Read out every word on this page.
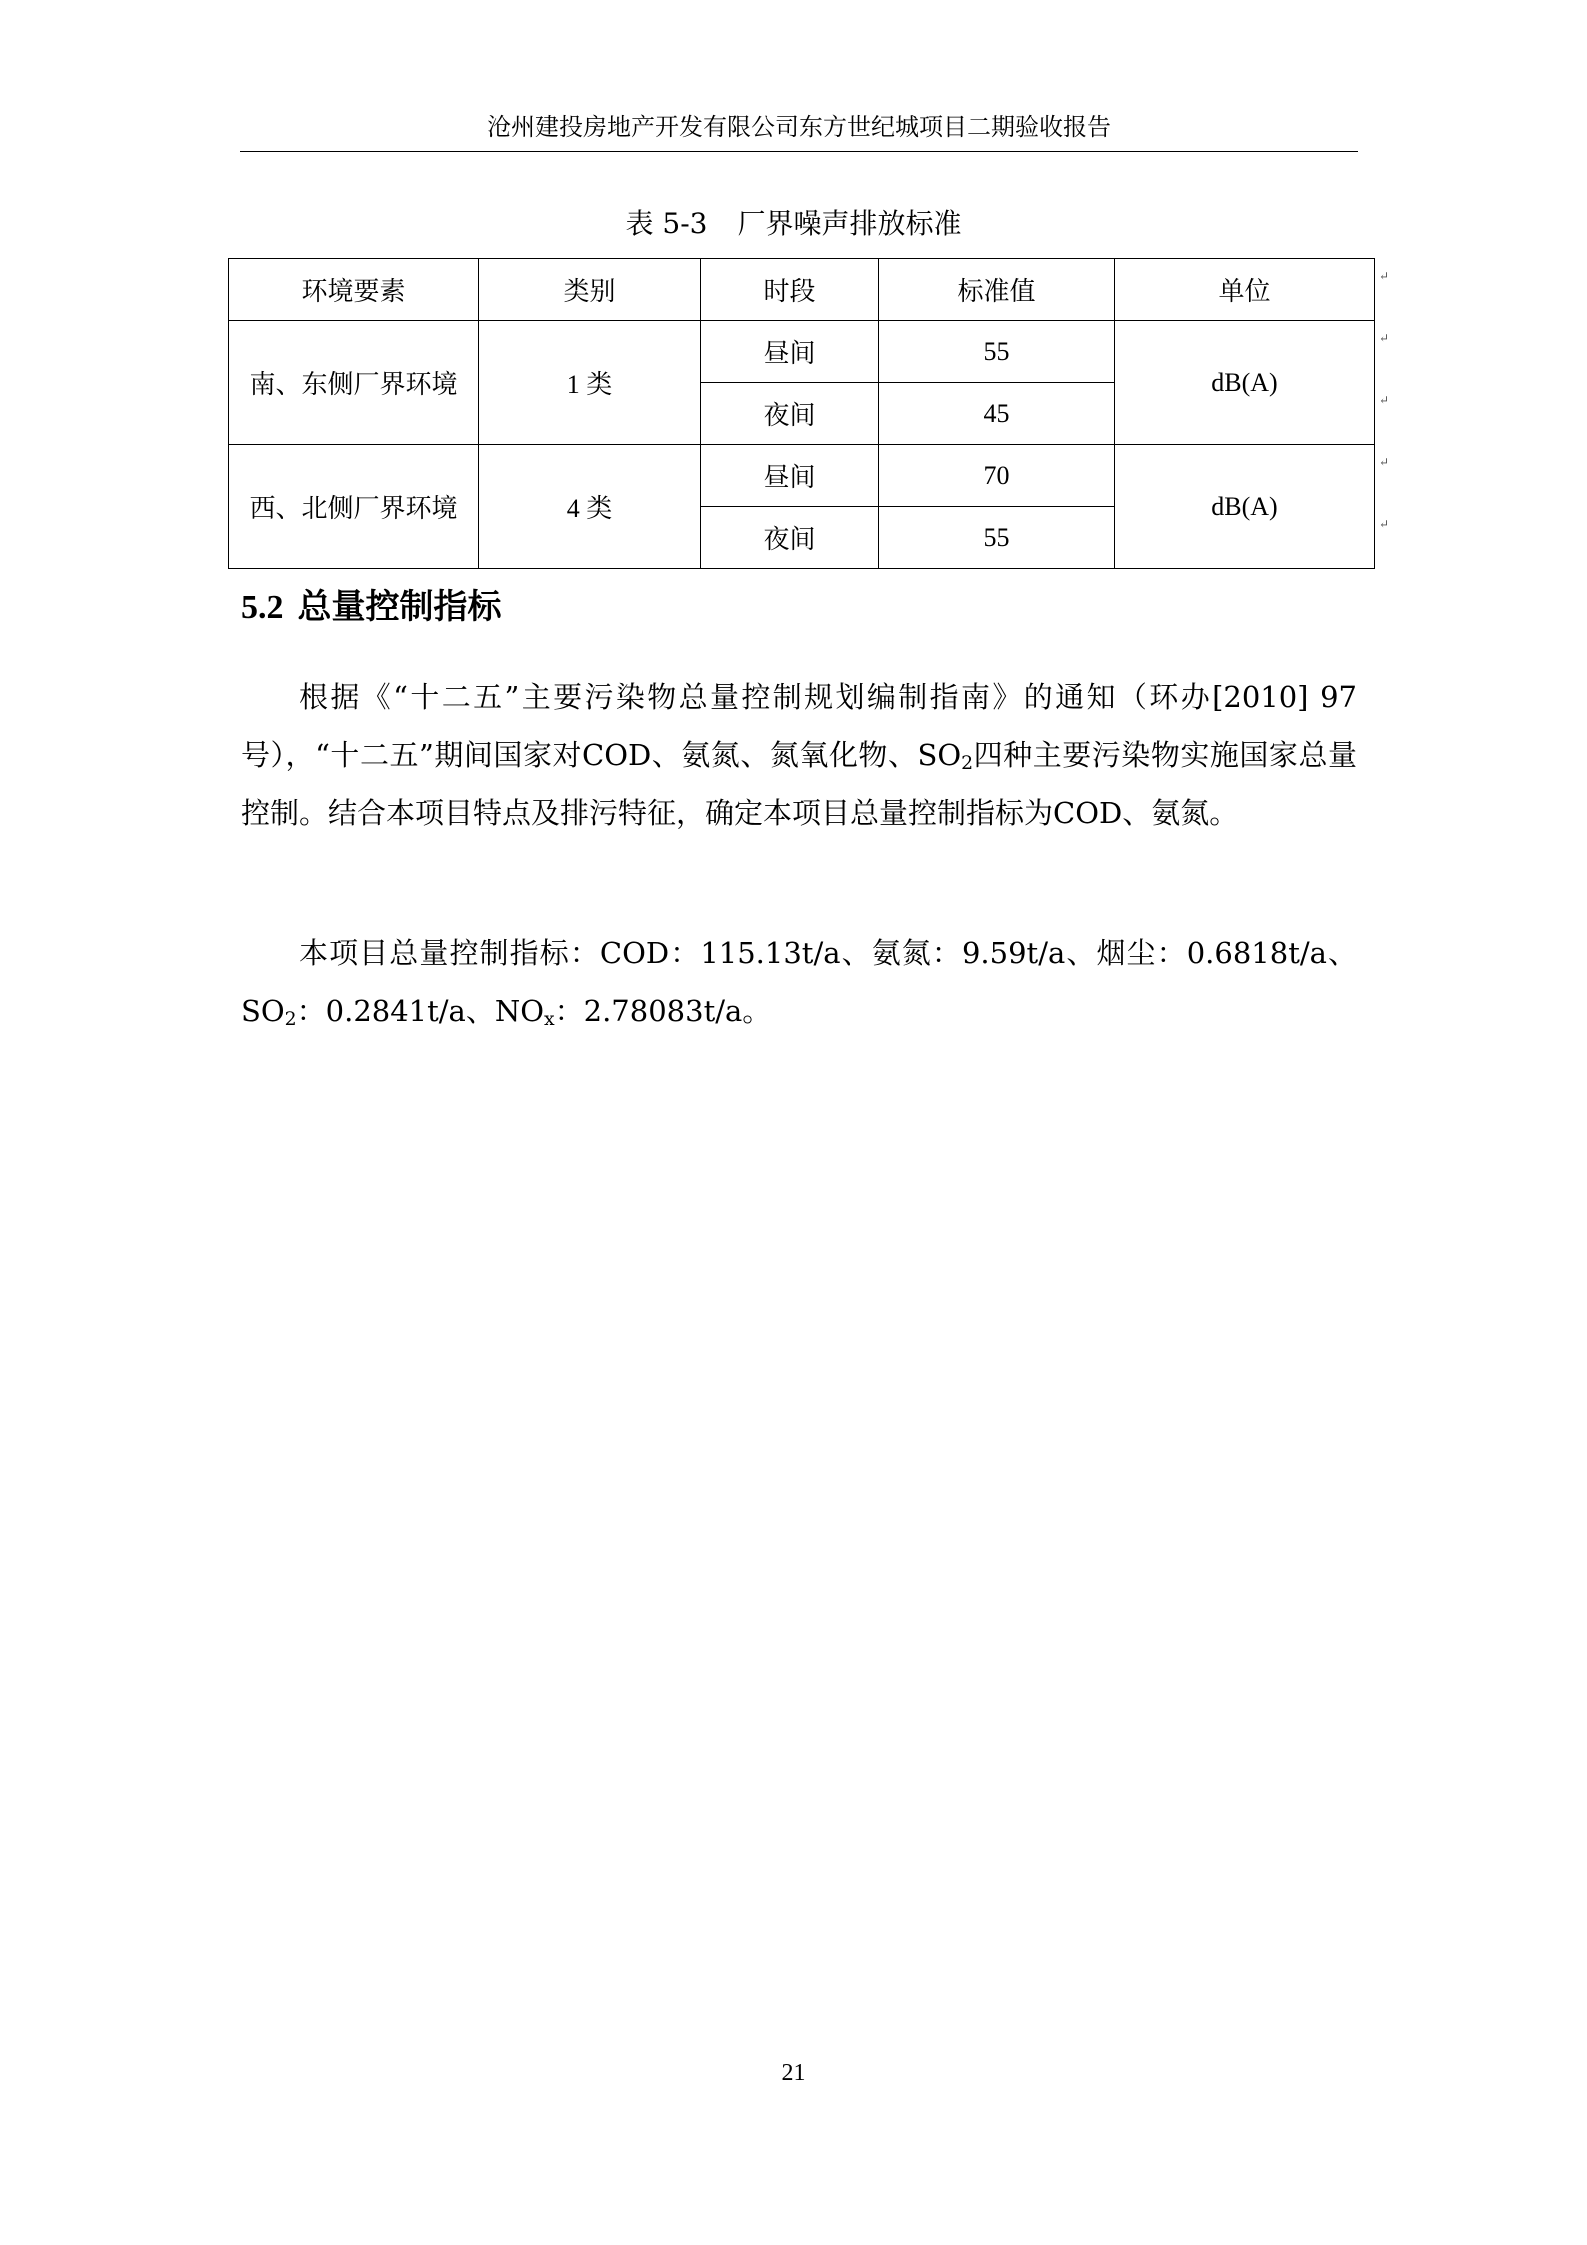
沧州建投房地产开发有限公司东方世纪城项目二期验收报告
表 5-3 厂界噪声排放标准
环境要素	类别	时段	标准值	单位
南、东侧厂界环境	1 类	昼间	55	dB(A)
		夜间	45	
西、北侧厂界环境	4 类	昼间	70	dB(A)
		夜间	55	
↵
↵
↵
↵
↵
5.2 总量控制指标

根据《“十二五”主要污染物总量控制规划编制指南》的通知（环办[2010] 97号），“十二五”期间国家对COD、氨氮、氮氧化物、$SO_2$四种主要污染物实施国家总量控制。结合本项目特点及排污特征，确定本项目总量控制指标为COD、氨氮。

本项目总量控制指标：COD：115.13t/a、氨氮：9.59t/a、烟尘：0.6818t/a、$SO_2$：0.2841t/a、$NO_x$：2.78083t/a。

21
